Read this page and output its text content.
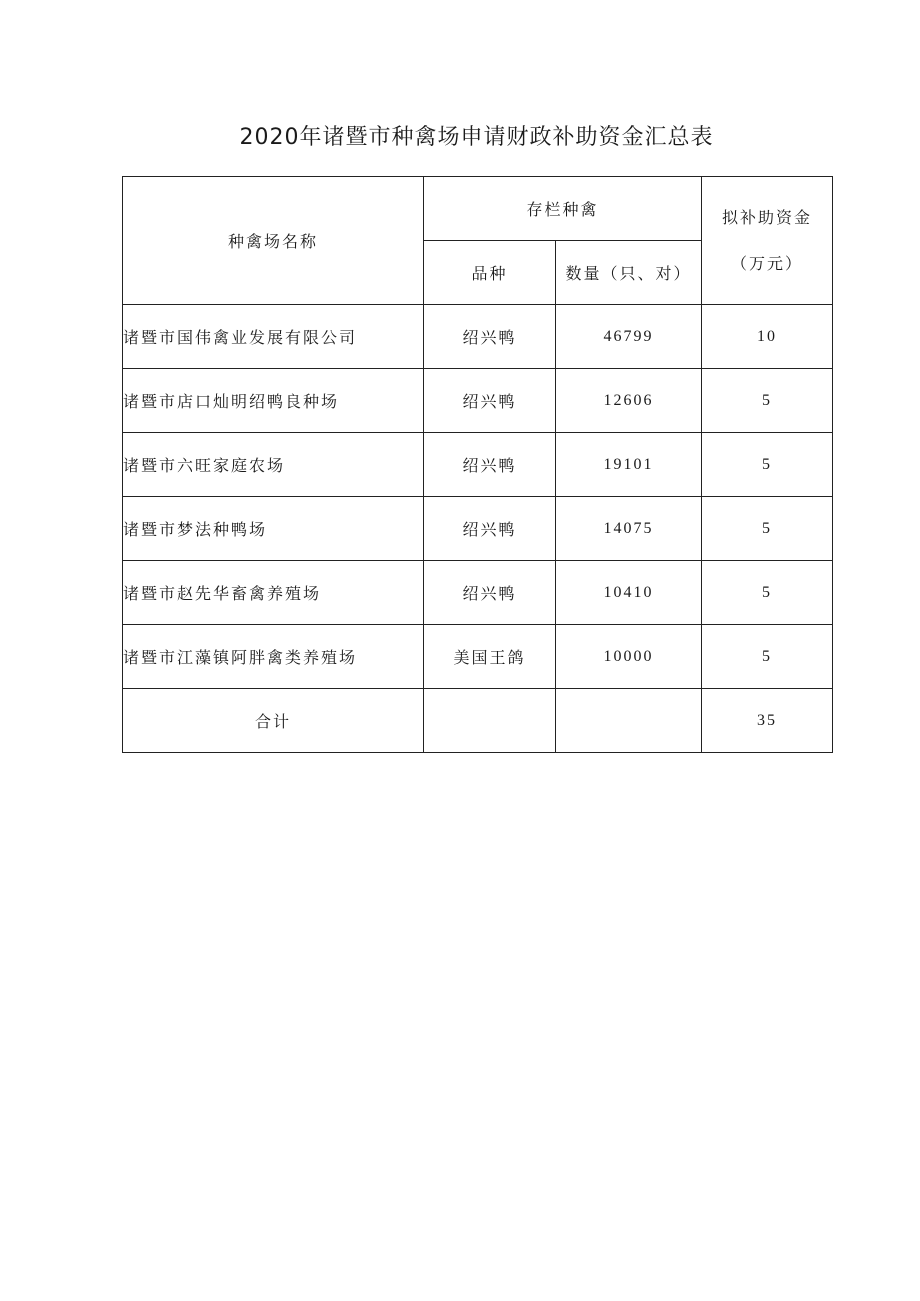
2020年诸暨市种禽场申请财政补助资金汇总表
种禽场名称	存栏种禽		拟补助资金
（万元）

	品种	数量（只、对）	
诸暨市国伟禽业发展有限公司	绍兴鸭	46799	10
诸暨市店口灿明绍鸭良种场	绍兴鸭	12606	5
诸暨市六旺家庭农场	绍兴鸭	19101	5
诸暨市梦法种鸭场	绍兴鸭	14075	5
诸暨市赵先华畜禽养殖场	绍兴鸭	10410	5
诸暨市江藻镇阿胖禽类养殖场	美国王鸽	10000	5
合计			35
